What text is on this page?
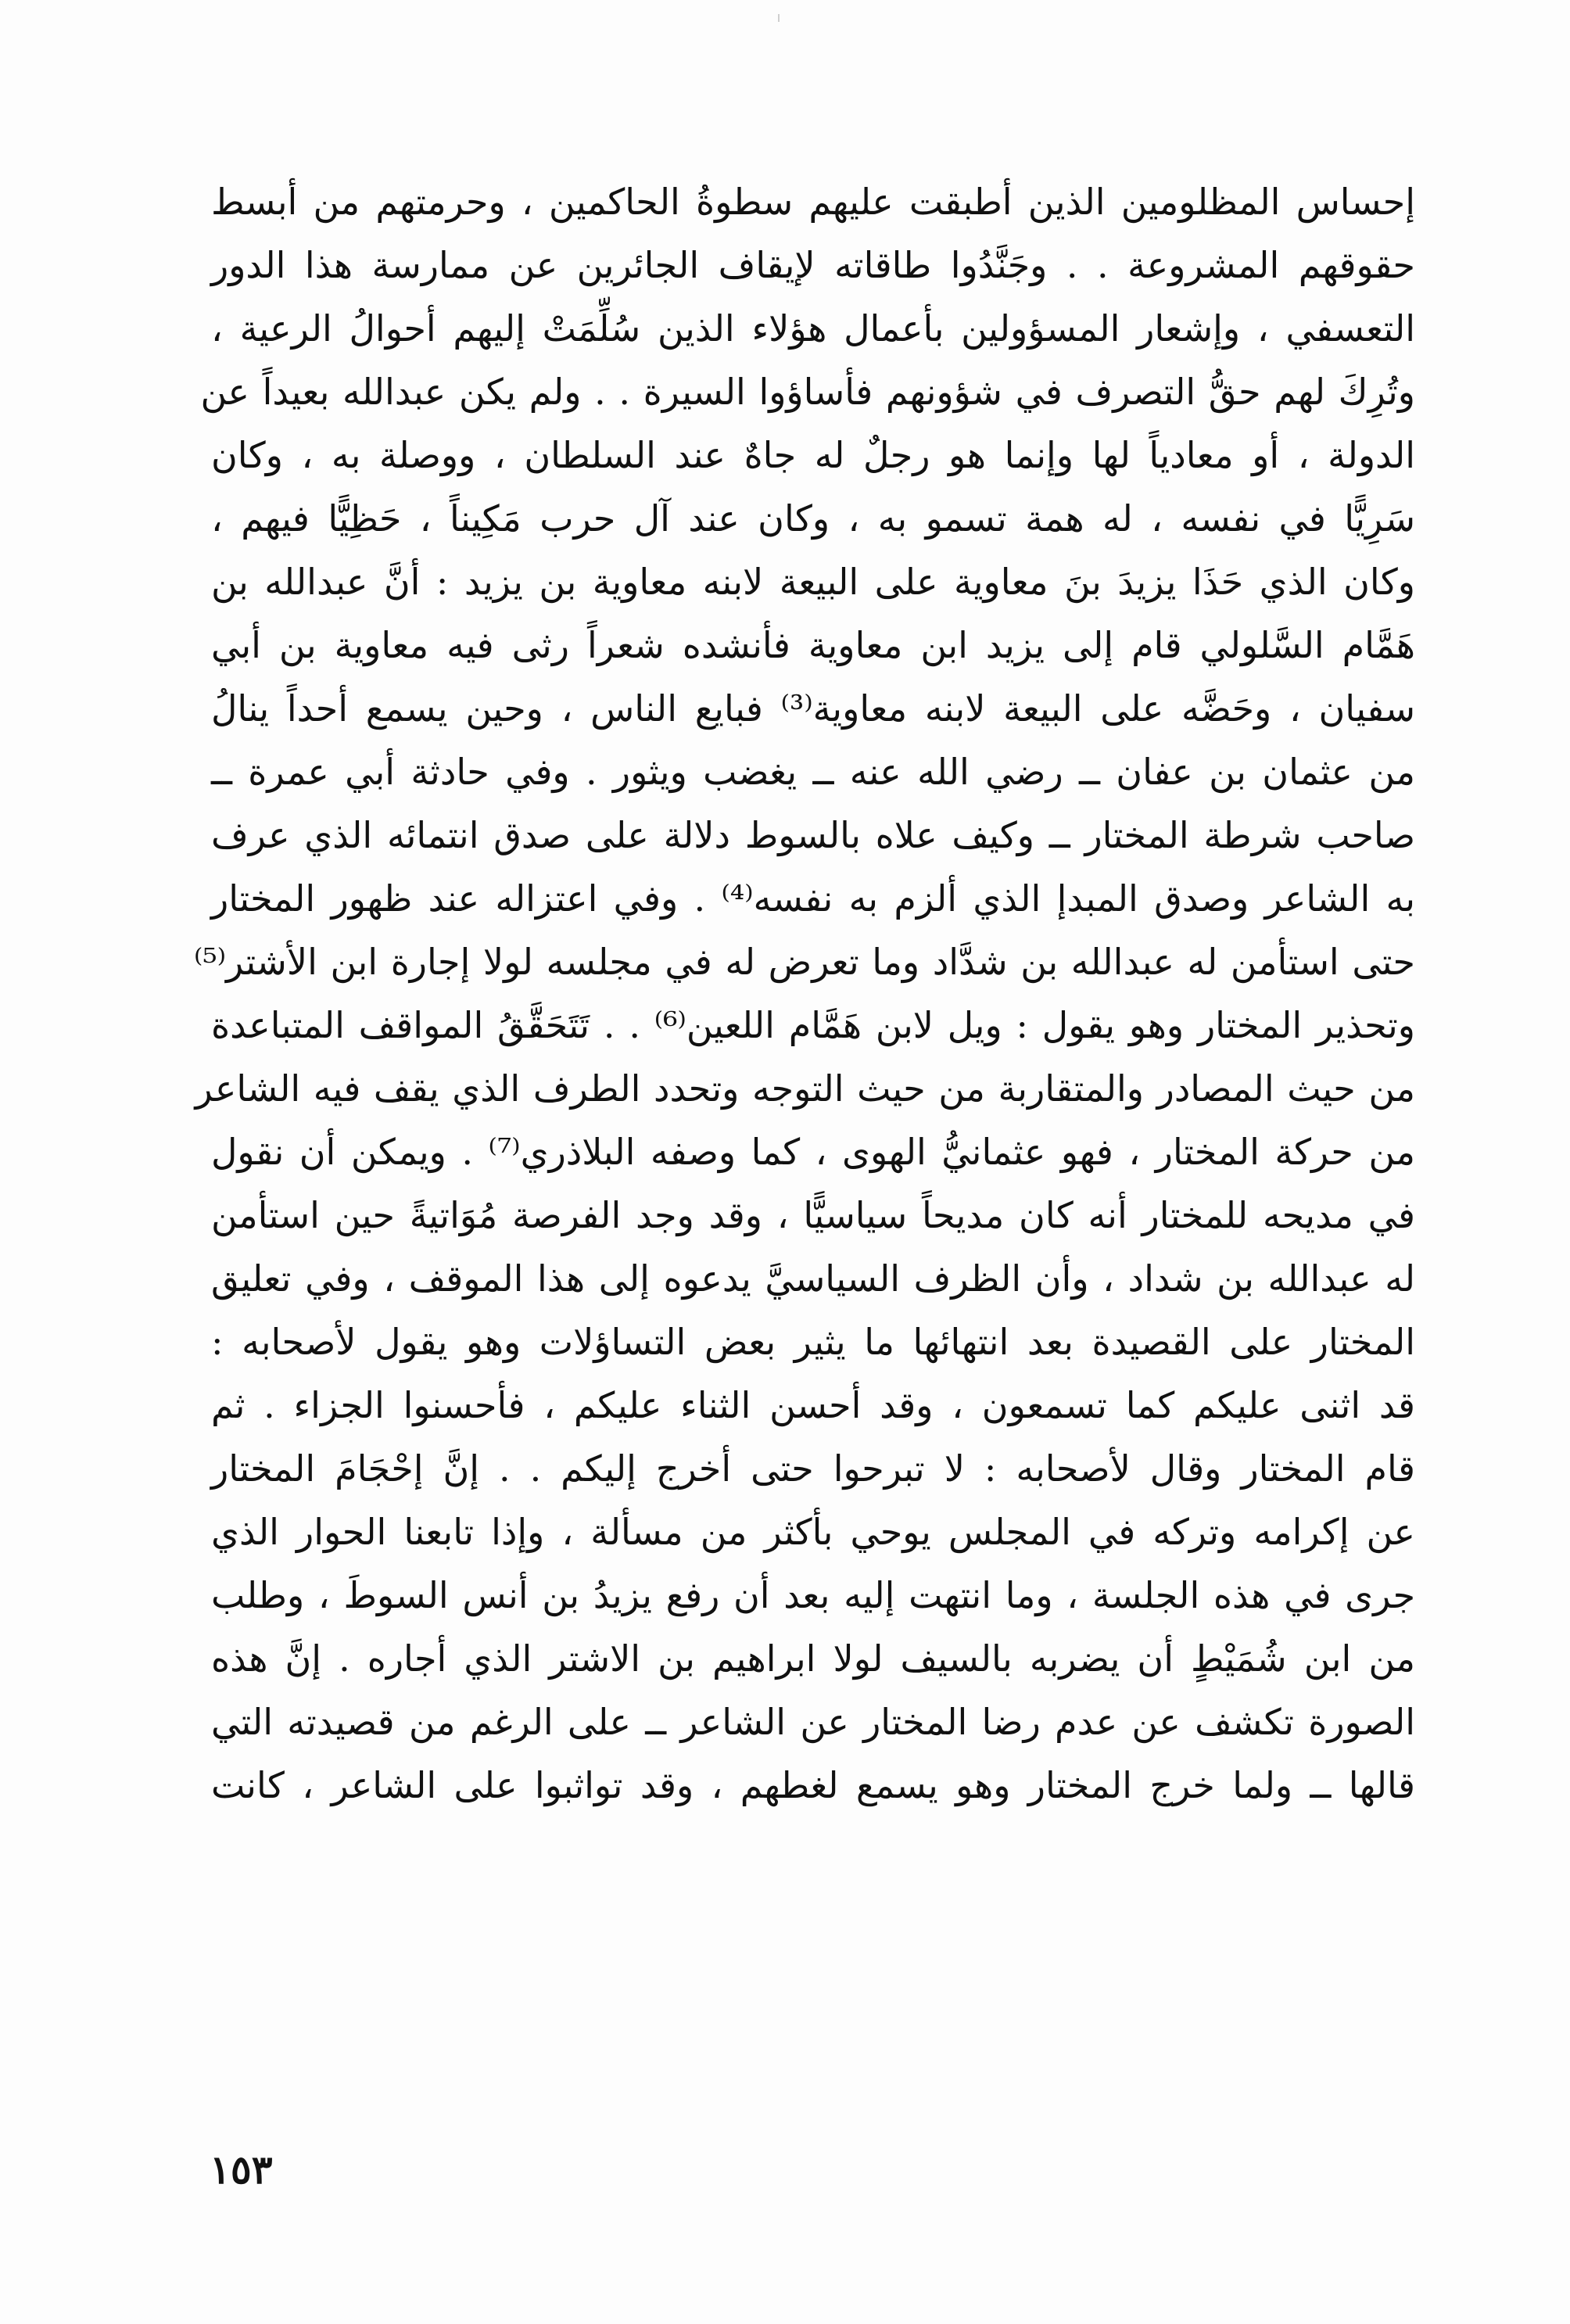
إحساس المظلومين الذين أطبقت عليهم سطوةُ الحاكمين ، وحرمتهم من أبسط
حقوقهم المشروعة . . وجَنَّدُوا طاقاته لإيقاف الجائرين عن ممارسة هذا الدور
التعسفي ، وإشعار المسؤولين بأعمال هؤلاء الذين سُلِّمَتْ إليهم أحوالُ الرعية ،
وتُرِكَ لهم حقُّ التصرف في شؤونهم فأساؤوا السيرة . . ولم يكن عبدالله بعيداً عن
الدولة ، أو معادياً لها وإنما هو رجلٌ له جاهٌ عند السلطان ، ووصلة به ، وكان
سَرِيًّا في نفسه ، له همة تسمو به ، وكان عند آل حرب مَكِيناً ، حَظِيًّا فيهم ،
وكان الذي حَذَا يزيدَ بنَ معاوية على البيعة لابنه معاوية بن يزيد : أنَّ عبدالله بن
هَمَّام السَّلولي قام إلى يزيد ابن معاوية فأنشده شعراً رثى فيه معاوية بن أبي
سفيان ، وحَضَّه على البيعة لابنه معاوية⁽³⁾ فبايع الناس ، وحين يسمع أحداً ينالُ
من عثمان بن عفان ــ رضي الله عنه ــ يغضب ويثور . وفي حادثة أبي عمرة ــ
صاحب شرطة المختار ــ وكيف علاه بالسوط دلالة على صدق انتمائه الذي عرف
به الشاعر وصدق المبدإ الذي ألزم به نفسه⁽⁴⁾ . وفي اعتزاله عند ظهور المختار
حتى استأمن له عبدالله بن شدَّاد وما تعرض له في مجلسه لولا إجارة ابن الأشتر⁽⁵⁾
وتحذير المختار وهو يقول : ويل لابن هَمَّام اللعين⁽⁶⁾ . . تَتَحَقَّقُ المواقف المتباعدة
من حيث المصادر والمتقاربة من حيث التوجه وتحدد الطرف الذي يقف فيه الشاعر
من حركة المختار ، فهو عثمانيُّ الهوى ، كما وصفه البلاذري⁽⁷⁾ . ويمكن أن نقول
في مديحه للمختار أنه كان مديحاً سياسيًّا ، وقد وجد الفرصة مُوَاتيةً حين استأمن
له عبدالله بن شداد ، وأن الظرف السياسيَّ يدعوه إلى هذا الموقف ، وفي تعليق
المختار على القصيدة بعد انتهائها ما يثير بعض التساؤلات وهو يقول لأصحابه :
قد اثنى عليكم كما تسمعون ، وقد أحسن الثناء عليكم ، فأحسنوا الجزاء . ثم
قام المختار وقال لأصحابه : لا تبرحوا حتى أخرج إليكم . . إنَّ إحْجَامَ المختار
عن إكرامه وتركه في المجلس يوحي بأكثر من مسألة ، وإذا تابعنا الحوار الذي
جرى في هذه الجلسة ، وما انتهت إليه بعد أن رفع يزيدُ بن أنس السوطَ ، وطلب
من ابن شُمَيْطٍ أن يضربه بالسيف لولا ابراهيم بن الاشتر الذي أجاره . إنَّ هذه
الصورة تكشف عن عدم رضا المختار عن الشاعر ــ على الرغم من قصيدته التي
قالها ــ ولما خرج المختار وهو يسمع لغطهم ، وقد تواثبوا على الشاعر ، كانت
١٥٣
